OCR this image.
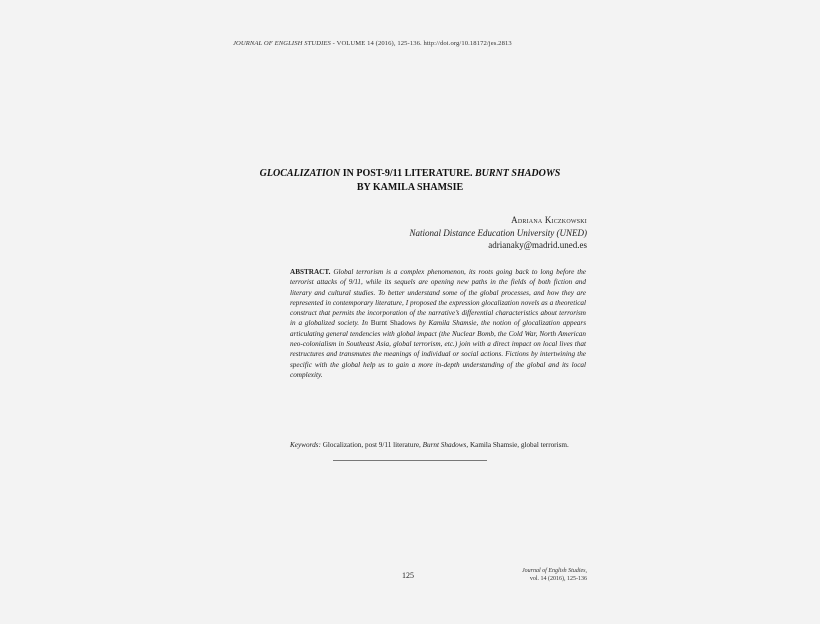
JOURNAL OF ENGLISH STUDIES - VOLUME 14 (2016), 125-136. http://doi.org/10.18172/jes.2813
GLOCALIZATION IN POST-9/11 LITERATURE. BURNT SHADOWS
BY KAMILA SHAMSIE
Adriana Kiczkowski
National Distance Education University (UNED)
adrianaky@madrid.uned.es
ABSTRACT. Global terrorism is a complex phenomenon, its roots going back to long before the terrorist attacks of 9/11, while its sequels are opening new paths in the fields of both fiction and literary and cultural studies. To better understand some of the global processes, and how they are represented in contemporary literature, I proposed the expression glocalization novels as a theoretical construct that permits the incorporation of the narrative’s differential characteristics about terrorism in a globalized society. In Burnt Shadows by Kamila Shamsie, the notion of glocalization appears articulating general tendencies with global impact (the Nuclear Bomb, the Cold War, North American neo-colonialism in Southeast Asia, global terrorism, etc.) join with a direct impact on local lives that restructures and transmutes the meanings of individual or social actions. Fictions by intertwining the specific with the global help us to gain a more in-depth understanding of the global and its local complexity.
Keywords: Glocalization, post 9/11 literature, Burnt Shadows, Kamila Shamsie, global terrorism.
125	Journal of English Studies,
vol. 14 (2016), 125-136
